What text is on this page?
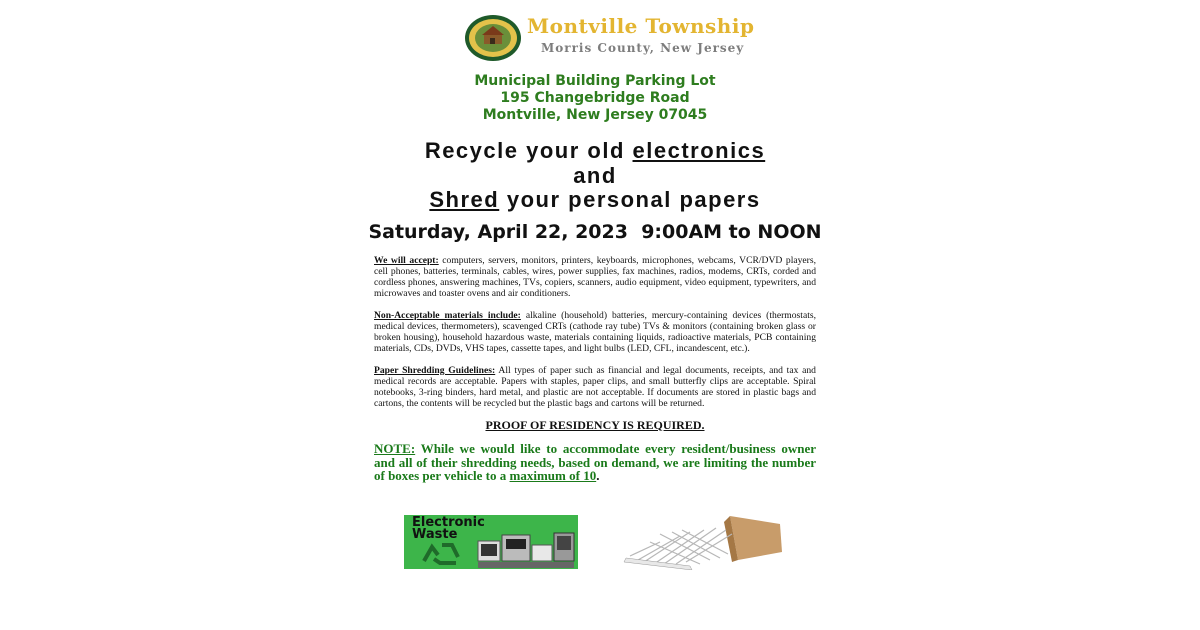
Montville Township
Morris County, New Jersey
Municipal Building Parking Lot
195 Changebridge Road
Montville, New Jersey 07045
Recycle your old electronics
and
Shred your personal papers
Saturday, April 22, 2023  9:00AM to NOON
We will accept: computers, servers, monitors, printers, keyboards, microphones, webcams, VCR/DVD players, cell phones, batteries, terminals, cables, wires, power supplies, fax machines, radios, modems, CRTs, corded and cordless phones, answering machines, TVs, copiers, scanners, audio equipment, video equipment, typewriters, and microwaves and toaster ovens and air conditioners.
Non-Acceptable materials include: alkaline (household) batteries, mercury-containing devices (thermostats, medical devices, thermometers), scavenged CRTs (cathode ray tube) TVs & monitors (containing broken glass or broken housing), household hazardous waste, materials containing liquids, radioactive materials, PCB containing materials, CDs, DVDs, VHS tapes, cassette tapes, and light bulbs (LED, CFL, incandescent, etc.).
Paper Shredding Guidelines: All types of paper such as financial and legal documents, receipts, and tax and medical records are acceptable. Papers with staples, paper clips, and small butterfly clips are acceptable. Spiral notebooks, 3-ring binders, hard metal, and plastic are not acceptable. If documents are stored in plastic bags and cartons, the contents will be recycled but the plastic bags and cartons will be returned.
PROOF OF RESIDENCY IS REQUIRED.
NOTE: While we would like to accommodate every resident/business owner and all of their shredding needs, based on demand, we are limiting the number of boxes per vehicle to a maximum of 10.
Electronic
Waste
